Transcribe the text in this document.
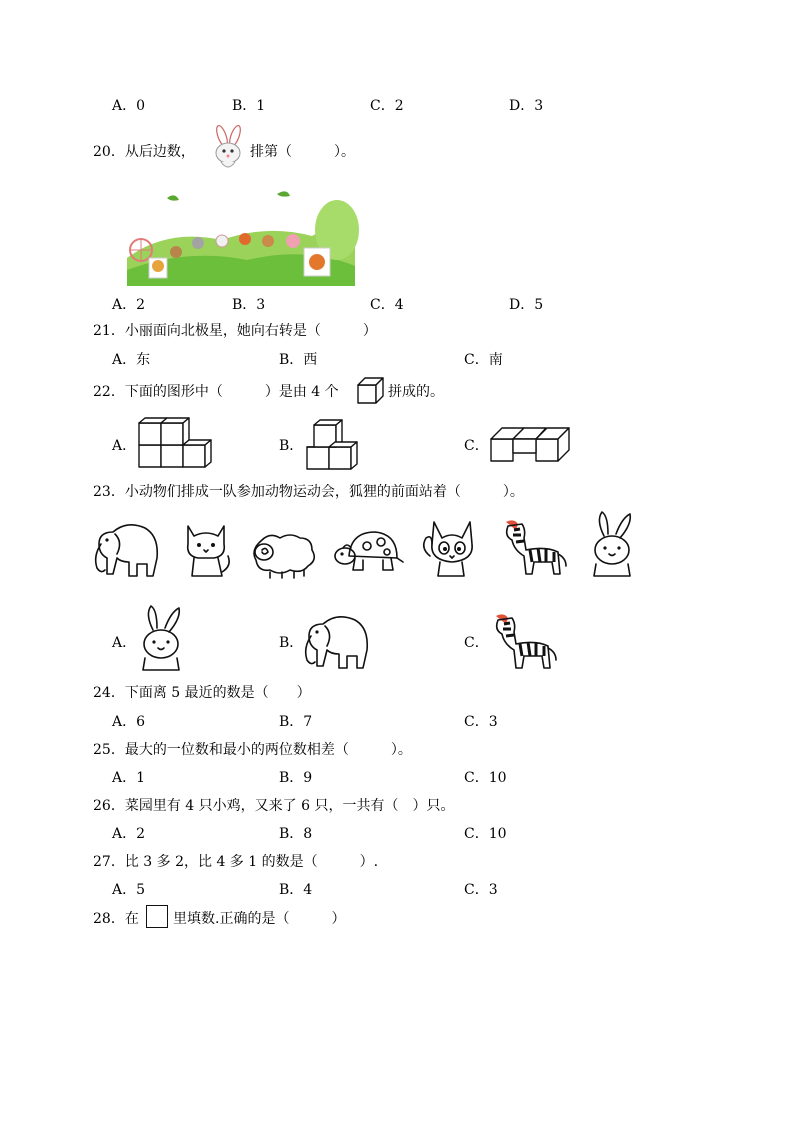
A．0	B．1	C．2	D．3
20．从后边数，	排第（　　　）。
A．2	B．3	C．4	D．5
21．小丽面向北极星，她向右转是（　　　）
A．东	B．西	C．南
22．下面的图形中（　　　）是由 4 个	拼成的。
A．	B．	C．
23．小动物们排成一队参加动物运动会，狐狸的前面站着（　　　）。
A．	B．	C．
24．下面离 5 最近的数是（　　）
A．6	B．7	C．3
25．最大的一位数和最小的两位数相差（　　　）。
A．1	B．9	C．10
26．菜园里有 4 只小鸡，又来了 6 只，一共有（　）只。
A．2	B．8	C．10
27．比 3 多 2，比 4 多 1 的数是（　　　）.
A．5	B．4	C．3
28．在 里填数.正确的是（　　　）
